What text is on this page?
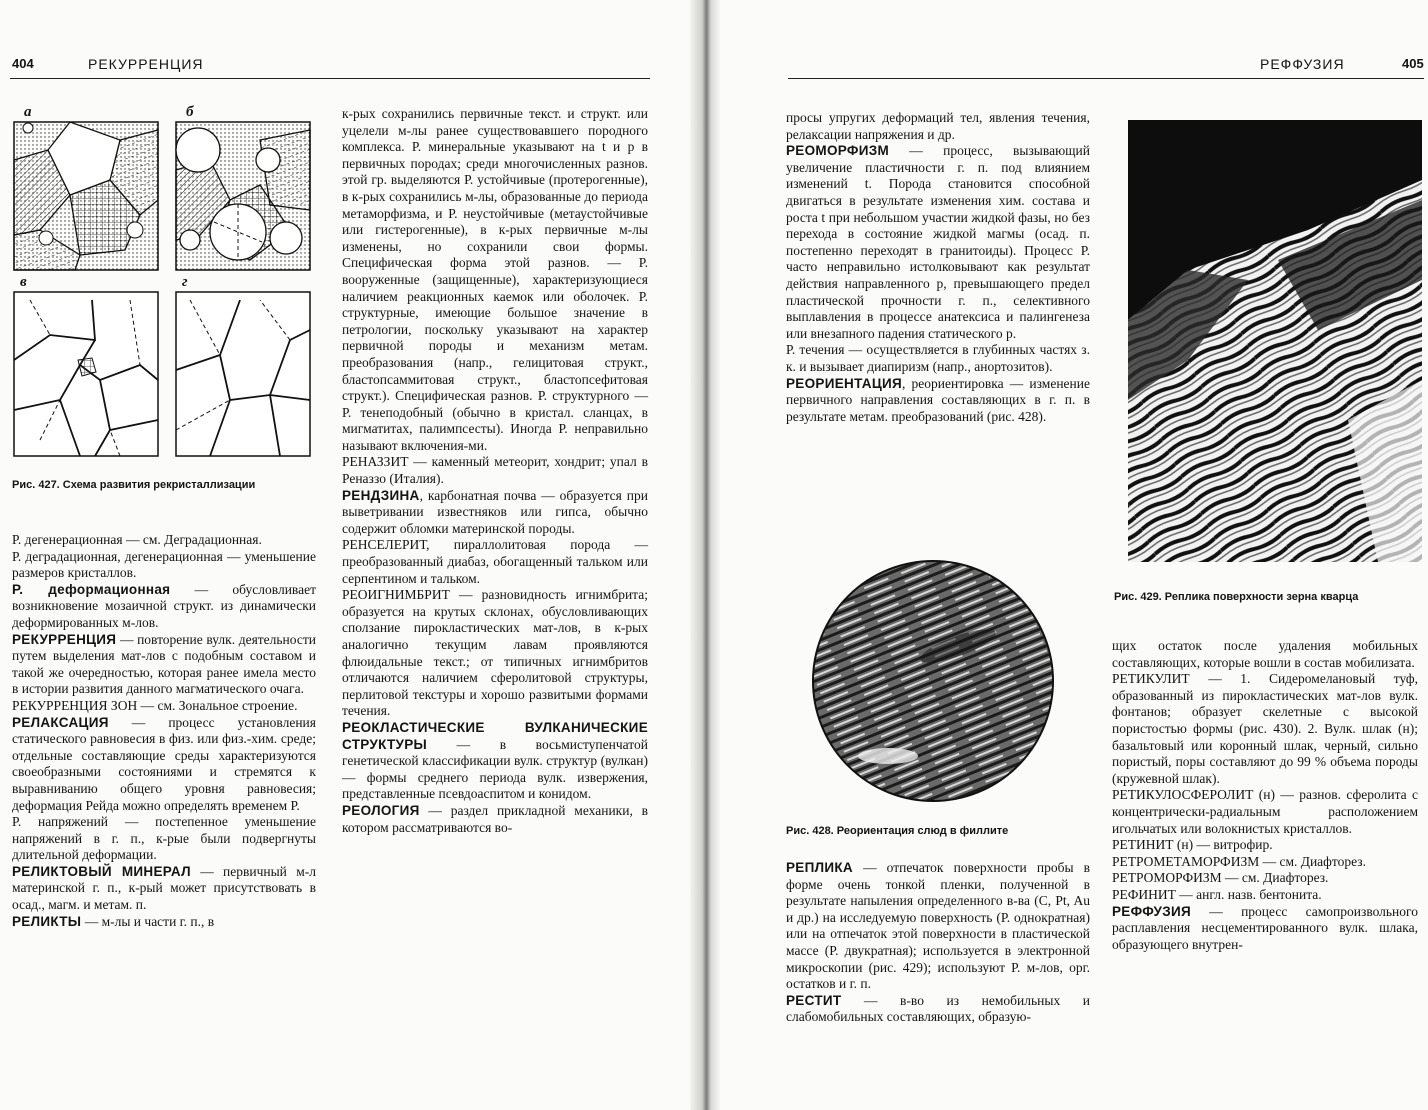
404	РЕКУРРЕНЦИЯ
а	б
в	г
Рис. 427. Схема развития рекристаллизации

Р. дегенерационная — см. Деградационная.

Р. деградационная, дегенерационная — уменьшение размеров кристаллов.

Р. деформационная — обусловливает возникновение мозаичной структ. из динамически деформированных м-лов.

РЕКУРРЕНЦИЯ — повторение вулк. деятельности путем выделения мат-лов с подобным составом и такой же очередностью, которая ранее имела место в истории развития данного магматического очага.

РЕКУРРЕНЦИЯ ЗОН — см. Зональное строение.

РЕЛАКСАЦИЯ — процесс установления статического равновесия в физ. или физ.-хим. среде; отдельные составляющие среды характеризуются своеобразными состояниями и стремятся к выравниванию общего уровня равновесия; деформация Рейда можно определять временем Р.

Р. напряжений — постепенное уменьшение напряжений в г. п., к-рые были подвергнуты длительной деформации.

РЕЛИКТОВЫЙ МИНЕРАЛ — первичный м-л материнской г. п., к-рый может присутствовать в осад., магм. и метам. п.

РЕЛИКТЫ — м-лы и части г. п., в

к-рых сохранились первичные текст. и структ. или уцелели м-лы ранее существовавшего породного комплекса. Р. минеральные указывают на t и p в первичных породах; среди многочисленных разнов. этой гр. выделяются Р. устойчивые (протерогенные), в к-рых сохранились м-лы, образованные до периода метаморфизма, и Р. неустойчивые (метаустойчивые или гистерогенные), в к-рых первичные м-лы изменены, но сохранили свои формы. Специфическая форма этой разнов. — Р. вооруженные (защищенные), характеризующиеся наличием реакционных каемок или оболочек. Р. структурные, имеющие большое значение в петрологии, поскольку указывают на характер первичной породы и механизм метам. преобразования (напр., гелицитовая структ., бластопсаммитовая структ., бластопсефитовая структ.). Специфическая разнов. Р. структурного — Р. тенеподобный (обычно в кристал. сланцах, в мигматитах, палимпсесты). Иногда Р. неправильно называют включения-ми.

РЕНАЗЗИТ — каменный метеорит, хондрит; упал в Реназзо (Италия).

РЕНДЗИНА, карбонатная почва — образуется при выветривании известняков или гипса, обычно содержит обломки материнской породы.

РЕНСЕЛЕРИТ, пираллолитовая порода — преобразованный диабаз, обогащенный тальком или серпентином и тальком.

РЕОИГНИМБРИТ — разновидность игнимбрита; образуется на крутых склонах, обусловливающих сползание пирокластических мат-лов, в к-рых аналогично текущим лавам проявляются флюидальные текст.; от типичных игнимбритов отличаются наличием сферолитовой структуры, перлитовой текстуры и хорошо развитыми формами течения.

РЕОКЛАСТИЧЕСКИЕ ВУЛКАНИЧЕСКИЕ СТРУКТУРЫ — в восьмиступенчатой генетической классификации вулк. структур (вулкан) — формы среднего периода вулк. извержения, представленные псевдоаспитом и конидом.

РЕОЛОГИЯ — раздел прикладной механики, в котором рассматриваются во-

РЕФФУЗИЯ	405

просы упругих деформаций тел, явления течения, релаксации напряжения и др.

РЕОМОРФИЗМ — процесс, вызывающий увеличение пластичности г. п. под влиянием изменений t. Порода становится способной двигаться в результате изменения хим. состава и роста t при небольшом участии жидкой фазы, но без перехода в состояние жидкой магмы (осад. п. постепенно переходят в гранитоиды). Процесс Р. часто неправильно истолковывают как результат действия направленного p, превышающего предел пластической прочности г. п., селективного выплавления в процессе анатексиса и палингенеза или внезапного падения статического p.

Р. течения — осуществляется в глубинных частях з. к. и вызывает диапиризм (напр., анортозитов).

РЕОРИЕНТАЦИЯ, реориентировка — изменение первичного направления составляющих в г. п. в результате метам. преобразований (рис. 428).

Рис. 428. Реориентация слюд в филлите

РЕПЛИКА — отпечаток поверхности пробы в форме очень тонкой пленки, полученной в результате напыления определенного в-ва (C, Pt, Au и др.) на исследуемую поверхность (Р. однократная) или на отпечаток этой поверхности в пластической массе (Р. двукратная); используется в электронной микроскопии (рис. 429); используют Р. м-лов, орг. остатков и г. п.

РЕСТИТ — в-во из немобильных и слабомобильных составляющих, образую-

Рис. 429. Реплика поверхности зерна кварца

щих остаток после удаления мобильных составляющих, которые вошли в состав мобилизата.

РЕТИКУЛИТ — 1. Сидеромелановый туф, образованный из пирокластических мат-лов вулк. фонтанов; образует скелетные с высокой пористостью формы (рис. 430). 2. Вулк. шлак (н); базальтовый или коронный шлак, черный, сильно пористый, поры составляют до 99 % объема породы (кружевной шлак).

РЕТИКУЛОСФЕРОЛИТ (н) — разнов. сферолита с концентрически-радиальным расположением игольчатых или волокнистых кристаллов.

РЕТИНИТ (н) — витрофир.

РЕТРОМЕТАМОРФИЗМ — см. Диафторез.

РЕТРОМОРФИЗМ — см. Диафторез.

РЕФИНИТ — англ. назв. бентонита.

РЕФФУЗИЯ — процесс самопроизвольного расплавления несцементированного вулк. шлака, образующего внутрен-
